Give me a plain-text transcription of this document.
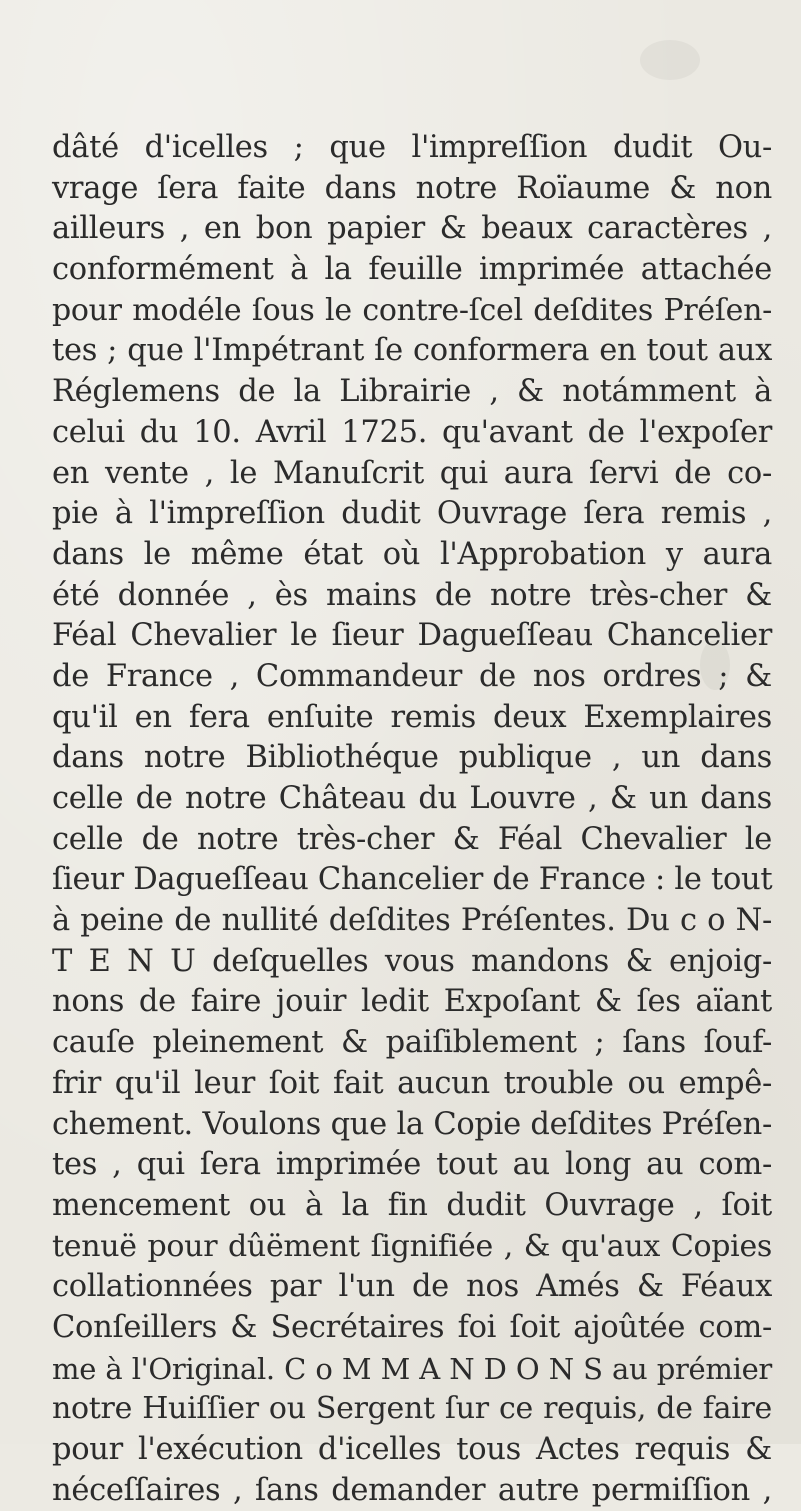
dâté d'icelles ; que l'impreſſion dudit Ou-
vrage ſera faite dans notre Roïaume & non
ailleurs , en bon papier & beaux caractères ,
conformément à la feuille imprimée attachée
pour modéle ſous le contre-ſcel deſdites Préſen-
tes ; que l'Impétrant ſe conformera en tout aux
Réglemens de la Librairie , & notámment à
celui du 10. Avril 1725. qu'avant de l'expoſer
en vente , le Manuſcrit qui aura ſervi de co-
pie à l'impreſſion dudit Ouvrage ſera remis ,
dans le même état où l'Approbation y aura
été donnée , ès mains de notre très-cher &
Féal Chevalier le ſieur Dagueſſeau Chancelier
de France , Commandeur de nos ordres ; &
qu'il en fera enſuite remis deux Exemplaires
dans notre Bibliothéque publique , un dans
celle de notre Château du Louvre , & un dans
celle de notre très-cher & Féal Chevalier le
ſieur Dagueſſeau Chancelier de France : le tout
à peine de nullité deſdites Préſentes. Du c o N-
T E N U deſquelles vous mandons & enjoig-
nons de faire jouir ledit Expoſant & ſes aïant
cauſe pleinement & paiſiblement ; ſans ſouf-
frir qu'il leur ſoit fait aucun trouble ou empê-
chement. Voulons que la Copie deſdites Préſen-
tes , qui ſera imprimée tout au long au com-
mencement ou à la fin dudit Ouvrage , ſoit
tenuë pour dûëment ſignifiée , & qu'aux Copies
collationnées par l'un de nos Amés & Féaux
Conſeillers & Secrétaires foi ſoit ajoûtée com-
me à l'Original. C o M M A N D O N S au prémier
notre Huiſſier ou Sergent ſur ce requis, de faire
pour l'exécution d'icelles tous Actes requis &
néceſſaires , ſans demander autre permiſſion ,
